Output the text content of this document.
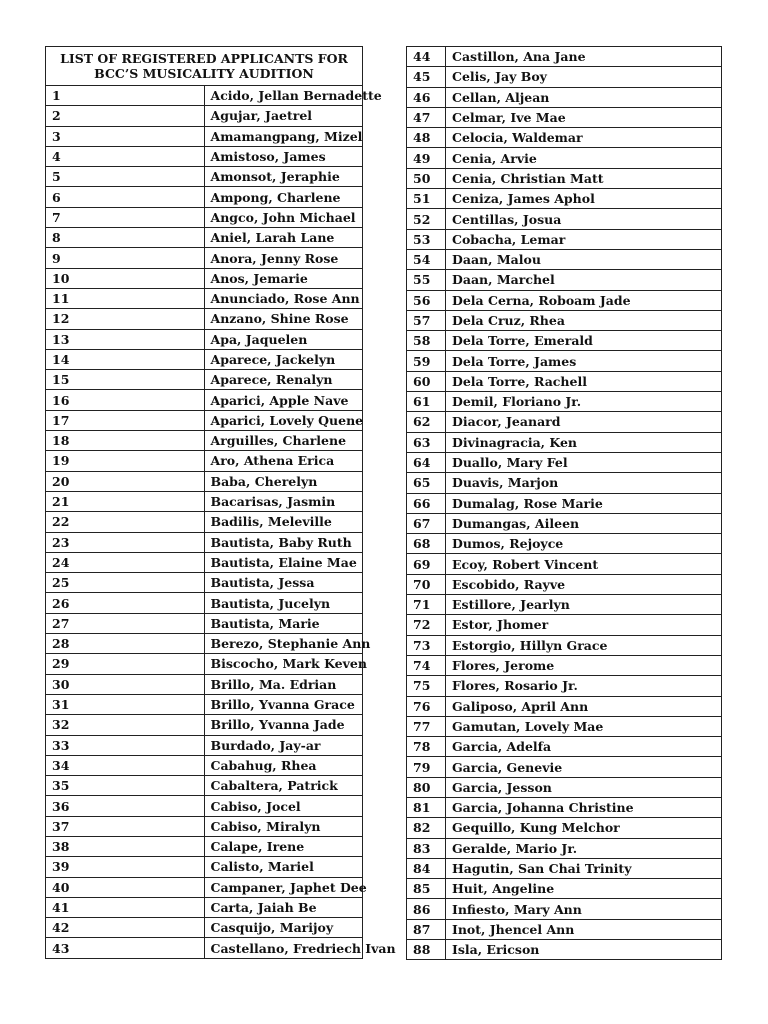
LIST OF REGISTERED APPLICANTS FOR
BCC’S MUSICALITY AUDITION	

1	Acido, Jellan Bernadette
2	Agujar, Jaetrel
3	Amamangpang, Mizel
4	Amistoso, James
5	Amonsot, Jeraphie
6	Ampong, Charlene
7	Angco, John Michael
8	Aniel, Larah Lane
9	Anora, Jenny Rose
10	Anos, Jemarie
11	Anunciado, Rose Ann
12	Anzano, Shine Rose
13	Apa, Jaquelen
14	Aparece, Jackelyn
15	Aparece, Renalyn
16	Aparici, Apple Nave
17	Aparici, Lovely Quene
18	Arguilles, Charlene
19	Aro, Athena Erica
20	Baba, Cherelyn
21	Bacarisas, Jasmin
22	Badilis, Meleville
23	Bautista, Baby Ruth
24	Bautista, Elaine Mae
25	Bautista, Jessa
26	Bautista, Jucelyn
27	Bautista, Marie
28	Berezo, Stephanie Ann
29	Biscocho, Mark Keven
30	Brillo, Ma. Edrian
31	Brillo, Yvanna Grace
32	Brillo, Yvanna Jade
33	Burdado, Jay-ar
34	Cabahug, Rhea
35	Cabaltera, Patrick
36	Cabiso, Jocel
37	Cabiso, Miralyn
38	Calape, Irene
39	Calisto, Mariel
40	Campaner, Japhet Dee
41	Carta, Jaiah Be
42	Casquijo, Marijoy
43	Castellano, Fredriech Ivan
44	Castillon, Ana Jane
45	Celis, Jay Boy
46	Cellan, Aljean
47	Celmar, Ive Mae
48	Celocia, Waldemar
49	Cenia, Arvie
50	Cenia, Christian Matt
51	Ceniza, James Aphol
52	Centillas, Josua
53	Cobacha, Lemar
54	Daan, Malou
55	Daan, Marchel
56	Dela Cerna, Roboam Jade
57	Dela Cruz, Rhea
58	Dela Torre, Emerald
59	Dela Torre, James
60	Dela Torre, Rachell
61	Demil, Floriano Jr.
62	Diacor, Jeanard
63	Divinagracia, Ken
64	Duallo, Mary Fel
65	Duavis, Marjon
66	Dumalag, Rose Marie
67	Dumangas, Aileen
68	Dumos, Rejoyce
69	Ecoy, Robert Vincent
70	Escobido, Rayve
71	Estillore, Jearlyn
72	Estor, Jhomer
73	Estorgio, Hillyn Grace
74	Flores, Jerome
75	Flores, Rosario Jr.
76	Galiposo, April Ann
77	Gamutan, Lovely Mae
78	Garcia, Adelfa
79	Garcia, Genevie
80	Garcia, Jesson
81	Garcia, Johanna Christine
82	Gequillo, Kung Melchor
83	Geralde, Mario Jr.
84	Hagutin, San Chai Trinity
85	Huit, Angeline
86	Infiesto, Mary Ann
87	Inot, Jhencel Ann
88	Isla, Ericson
